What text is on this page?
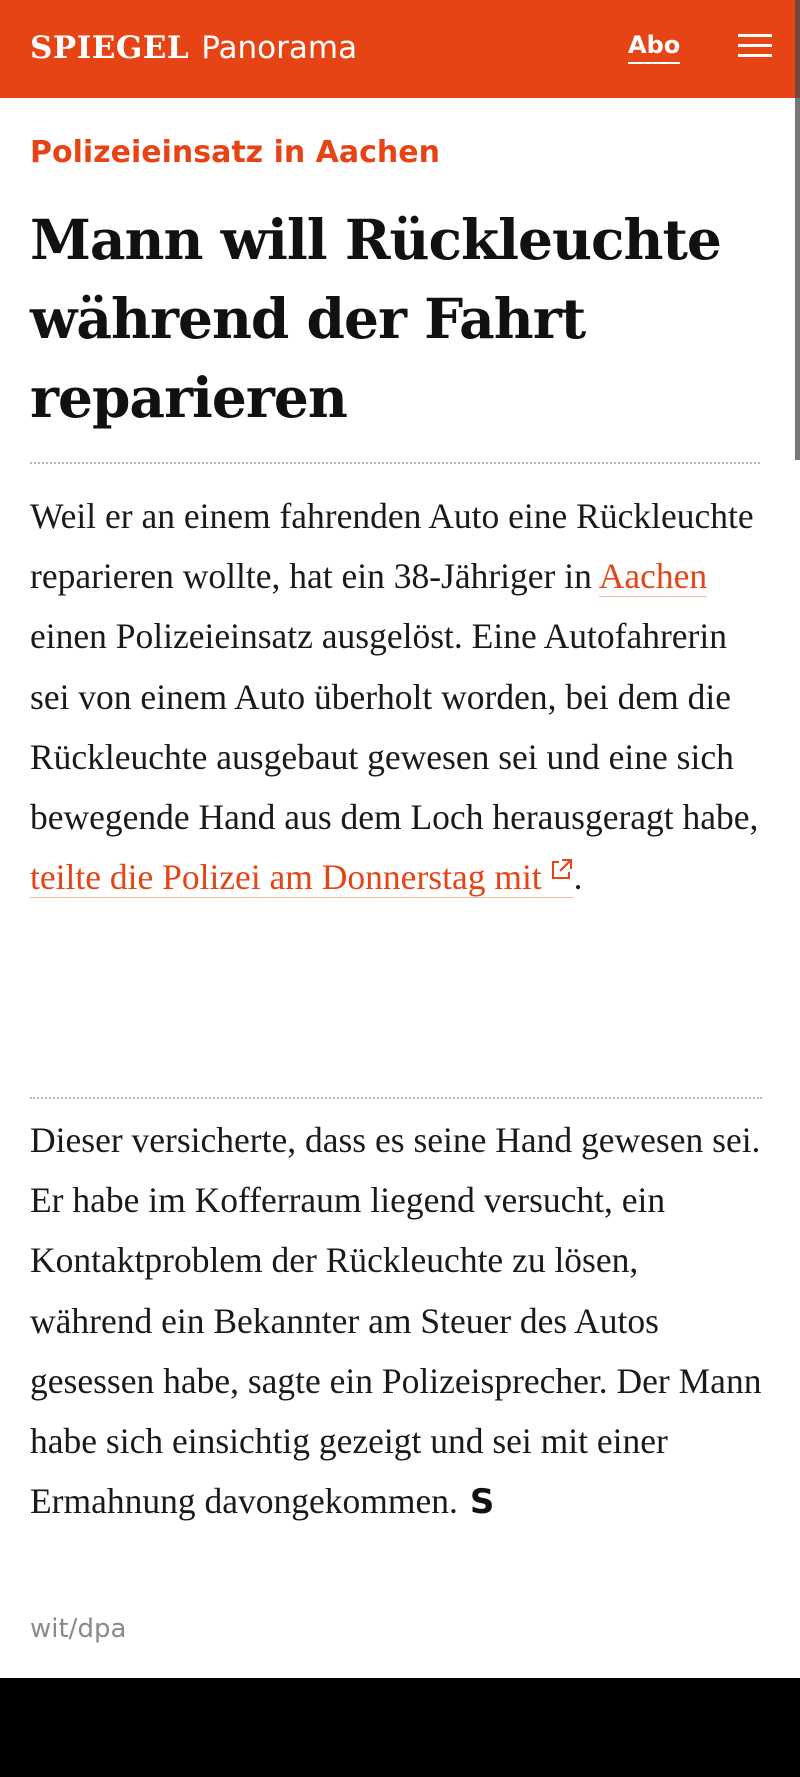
SPIEGEL Panorama	Abo
Polizeieinsatz in Aachen
Mann will Rückleuchte während der Fahrt reparieren

Weil er an einem fahrenden Auto eine Rückleuchte reparieren wollte, hat ein 38-Jähriger in Aachen einen Polizeieinsatz ausgelöst. Eine Autofahrerin sei von einem Auto überholt worden, bei dem die Rückleuchte ausgebaut gewesen sei und eine sich bewegende Hand aus dem Loch herausgeragt habe, teilte die Polizei am Donnerstag mit .

Dieser versicherte, dass es seine Hand gewesen sei. Er habe im Kofferraum liegend versucht, ein Kontaktproblem der Rückleuchte zu lösen, während ein Bekannter am Steuer des Autos gesessen habe, sagte ein Polizeisprecher. Der Mann habe sich einsichtig gezeigt und sei mit einer Ermahnung davongekommen. S

wit/dpa
